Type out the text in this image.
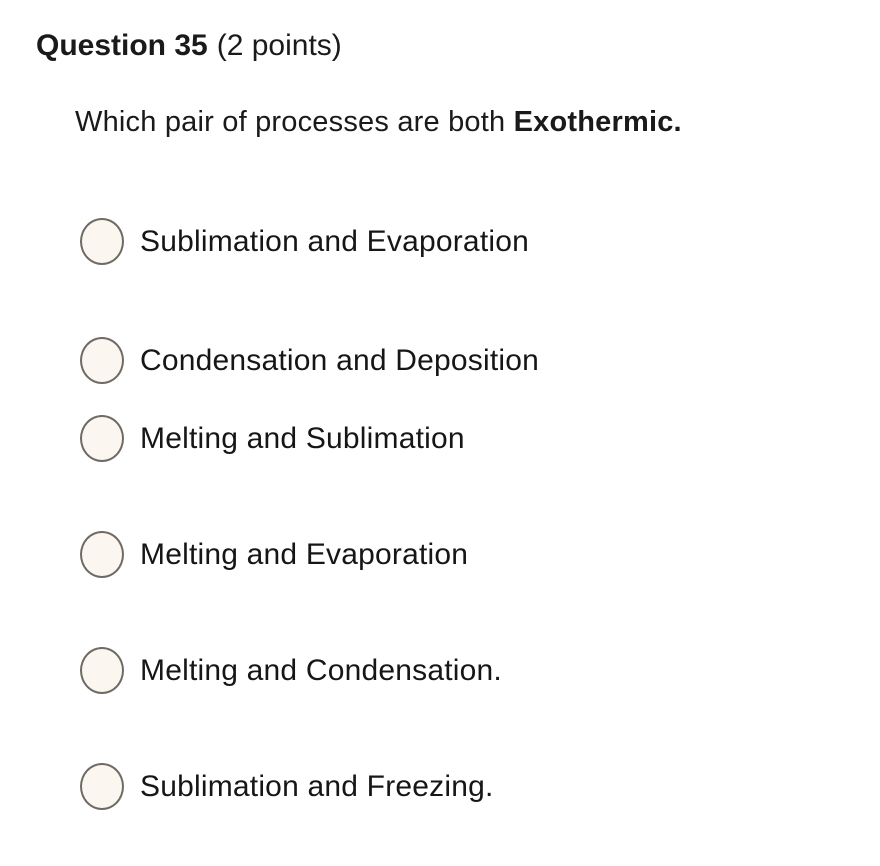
Question 35 (2 points)
Which pair of processes are both Exothermic.
Sublimation and Evaporation
Condensation and Deposition
Melting and Sublimation
Melting and Evaporation
Melting and Condensation.
Sublimation and Freezing.
